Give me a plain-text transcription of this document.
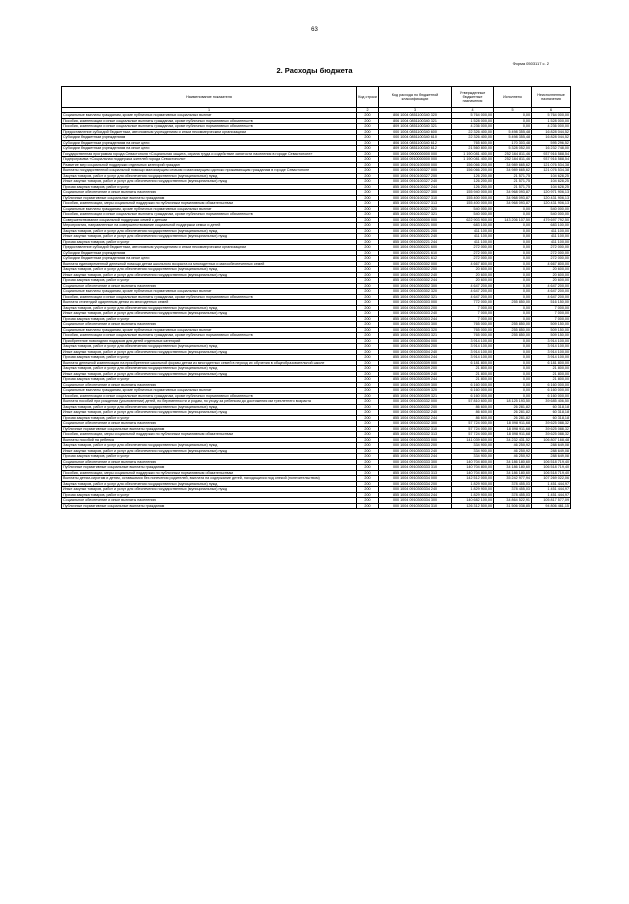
63
Форма 0503117 с. 2
2. Расходы бюджета
Наименование показателя	Код строки	Код расхода по бюджетной классификации	Утвержденные бюджетные назначения	Исполнено	Неисполненные назначения
1	2	3	4	5	6
Социальные выплаты гражданам, кроме публичных нормативных социальных выплат	200	806 1004 0851100340 320	5 764 000,00	0,00	5 764 000,00
Пособия, компенсации и иные социальные выплаты гражданам, кроме публичных нормативных обязательств	200	806 1004 0851100340 321	1 528 000,00	0,00	1 528 000,00
Пособия, компенсации и иные социальные выплаты гражданам, кроме публичных нормативных обязательств	200	809 1004 0851100340 321	4 236 000,00	0,00	4 236 000,00
Предоставление субсидий бюджетным, автономным учреждениям и иным некоммерческим организациям	200	000 1004 0851100340 600	22 326 400,00	5 498 355,48	16 828 044,52
Субсидии бюджетным учреждениям	200	000 1004 0851100340 610	22 326 400,00	5 498 355,48	16 828 044,52
Субсидии бюджетным учреждениям на иные цели	200	806 1004 0851100340 612	765 600,00	170 303,48	595 296,52
Субсидии бюджетным учреждениям на иные цели	200	809 1004 0851100340 612	21 560 800,00	5 328 052,00	16 232 748,00
Государственная программа города Севастополя «Социальная защита, охрана труда и содействие занятости населения в городе Севастополе»	200	000 1004 0900000000 000	1 190 081 400,00	252 164 811,46	937 916 588,54
Подпрограмма «Социальная поддержка жителей города Севастополя»	200	000 1004 0910000000 000	1 190 081 400,00	252 164 811,46	937 916 588,54
Развитие мер социальной поддержки отдельных категорий граждан	200	000 1004 0910100000 000	156 066 200,00	34 989 665,62	121 076 534,38
Выплаты государственной социальной помощи малоимущим семьям и малоимущим одиноко проживающим гражданам в городе Севастополе	200	000 1004 0910100327 000	156 066 200,00	34 989 665,62	121 076 534,38
Закупка товаров, работ и услуг для обеспечения государственных (муниципальных) нужд	200	000 1004 0910100327 200	126 200,00	21 571,75	104 628,25
Иные закупки товаров, работ и услуг для обеспечения государственных (муниципальных) нужд	200	000 1004 0910100327 240	126 200,00	21 571,75	104 628,25
Прочая закупка товаров, работ и услуг	200	855 1004 0910100327 244	126 200,00	21 571,75	104 628,25
Социальное обеспечение и иные выплаты населению	200	000 1004 0910100327 300	155 940 000,00	34 968 093,87	120 971 906,13
Публичные нормативные социальные выплаты гражданам	200	000 1004 0910100327 310	155 400 000,00	34 968 093,87	120 431 906,13
Пособия, компенсации, меры социальной поддержки по публичным нормативным обязательствам	200	855 1004 0910100327 313	155 400 000,00	34 968 093,87	120 431 906,13
Социальные выплаты гражданам, кроме публичных нормативных социальных выплат	200	000 1004 0910100327 320	540 000,00	0,00	540 000,00
Пособия, компенсации и иные социальные выплаты гражданам, кроме публичных нормативных обязательств	200	855 1004 0910100327 321	540 000,00	0,00	540 000,00
Совершенствование социальной поддержки семей с детьми	200	000 1004 0910300000 000	622 903 900,00	143 206 107,50	479 697 792,50
Мероприятия, направленные на совершенствование социальной поддержки семьи и детей	200	000 1004 0910300221 000	683 100,00	0,00	683 100,00
Закупка товаров, работ и услуг для обеспечения государственных (муниципальных) нужд	200	000 1004 0910300221 200	411 100,00	0,00	411 100,00
Иные закупки товаров, работ и услуг для обеспечения государственных (муниципальных) нужд	200	000 1004 0910300221 240	411 100,00	0,00	411 100,00
Прочая закупка товаров, работ и услуг	200	855 1004 0910300221 244	411 100,00	0,00	411 100,00
Предоставление субсидий бюджетным, автономным учреждениям и иным некоммерческим организациям	200	000 1004 0910300221 600	272 000,00	0,00	272 000,00
Субсидии бюджетным учреждениям	200	000 1004 0910300221 610	272 000,00	0,00	272 000,00
Субсидии бюджетным учреждениям на иные цели	200	806 1004 0910300221 612	272 000,00	0,00	272 000,00
Выплата единовременной денежной помощи детям школьного возраста из многодетных и малообеспеченных семей	200	000 1004 0910300302 000	4 667 800,00	0,00	4 667 800,00
Закупка товаров, работ и услуг для обеспечения государственных (муниципальных) нужд	200	000 1004 0910300302 200	20 600,00	0,00	20 600,00
Иные закупки товаров, работ и услуг для обеспечения государственных (муниципальных) нужд	200	000 1004 0910300302 240	20 600,00	0,00	20 600,00
Прочая закупка товаров, работ и услуг	200	855 1004 0910300302 244	20 600,00	0,00	20 600,00
Социальное обеспечение и иные выплаты населению	200	000 1004 0910300302 300	4 647 200,00	0,00	4 647 200,00
Социальные выплаты гражданам, кроме публичных нормативных социальных выплат	200	000 1004 0910300302 320	4 647 200,00	0,00	4 647 200,00
Пособия, компенсации и иные социальные выплаты гражданам, кроме публичных нормативных обязательств	200	855 1004 0910300302 321	4 647 200,00	0,00	4 647 200,00
Выплата стипендий одаренным детям из многодетных семей	200	000 1004 0910300303 000	772 000,00	255 850,00	516 150,00
Закупка товаров, работ и услуг для обеспечения государственных (муниципальных) нужд	200	000 1004 0910300303 200	7 000,00	0,00	7 000,00
Иные закупки товаров, работ и услуг для обеспечения государственных (муниципальных) нужд	200	000 1004 0910300303 240	7 000,00	0,00	7 000,00
Прочая закупка товаров, работ и услуг	200	855 1004 0910300303 244	7 000,00	0,00	7 000,00
Социальное обеспечение и иные выплаты населению	200	000 1004 0910300303 300	765 000,00	255 850,00	509 150,00
Социальные выплаты гражданам, кроме публичных нормативных социальных выплат	200	000 1004 0910300303 320	765 000,00	255 850,00	509 150,00
Пособия, компенсации и иные социальные выплаты гражданам, кроме публичных нормативных обязательств	200	855 1004 0910300303 321	765 000,00	255 850,00	509 150,00
Приобретение новогодних подарков для детей отдельных категорий	200	000 1004 0910300304 000	3 914 100,00	0,00	3 914 100,00
Закупка товаров, работ и услуг для обеспечения государственных (муниципальных) нужд	200	000 1004 0910300304 200	3 914 100,00	0,00	3 914 100,00
Иные закупки товаров, работ и услуг для обеспечения государственных (муниципальных) нужд	200	000 1004 0910300304 240	3 914 100,00	0,00	3 914 100,00
Прочая закупка товаров, работ и услуг	200	855 1004 0910300304 244	3 914 100,00	0,00	3 914 100,00
Выплата денежной компенсации на приобретение школьной формы детям из многодетных семей в период их обучения в общеобразовательной школе	200	000 1004 0910300309 000	6 181 800,00	0,00	6 181 800,00
Закупка товаров, работ и услуг для обеспечения государственных (муниципальных) нужд	200	000 1004 0910300309 200	21 800,00	0,00	21 800,00
Иные закупки товаров, работ и услуг для обеспечения государственных (муниципальных) нужд	200	000 1004 0910300309 240	21 800,00	0,00	21 800,00
Прочая закупка товаров, работ и услуг	200	855 1004 0910300309 244	21 800,00	0,00	21 800,00
Социальное обеспечение и иные выплаты населению	200	000 1004 0910300309 300	6 160 000,00	0,00	6 160 000,00
Социальные выплаты гражданам, кроме публичных нормативных социальных выплат	200	000 1004 0910300309 320	6 160 000,00	0,00	6 160 000,00
Пособия, компенсации и иные социальные выплаты гражданам, кроме публичных нормативных обязательств	200	855 1004 0910300309 321	6 160 000,00	0,00	6 160 000,00
Выплата пособий при рождении (усыновлении) детей, по беременности и родам, по уходу за ребенком до достижения им трехлетнего возраста	200	000 1004 0910300332 000	57 810 600,00	18 125 193,50	39 685 406,50
Закупка товаров, работ и услуг для обеспечения государственных (муниципальных) нужд	200	000 1004 0910300332 200	86 600,00	26 281,82	60 318,18
Иные закупки товаров, работ и услуг для обеспечения государственных (муниципальных) нужд	200	000 1004 0910300332 240	86 600,00	26 281,82	60 318,18
Прочая закупка товаров, работ и услуг	200	855 1004 0910300332 244	86 600,00	26 281,82	60 318,18
Социальное обеспечение и иные выплаты населению	200	000 1004 0910300332 300	57 724 000,00	18 098 911,68	39 625 088,32
Публичные нормативные социальные выплаты гражданам	200	000 1004 0910300332 310	57 724 000,00	18 098 911,68	39 625 088,32
Пособия, компенсации, меры социальной поддержки по публичным нормативным обязательствам	200	855 1004 0910300332 313	57 724 000,00	18 098 911,68	39 625 088,32
Выплаты пособий на ребенка	200	000 1004 0910300333 000	141 039 600,00	34 232 431,52	106 807 168,48
Закупка товаров, работ и услуг для обеспечения государственных (муниципальных) нужд	200	000 1004 0910300333 200	334 900,00	46 250,92	288 649,08
Иные закупки товаров, работ и услуг для обеспечения государственных (муниципальных) нужд	200	000 1004 0910300333 240	334 900,00	46 250,92	288 649,08
Прочая закупка товаров, работ и услуг	200	855 1004 0910300333 244	334 900,00	46 250,92	288 649,08
Социальное обеспечение и иные выплаты населению	200	000 1004 0910300333 300	140 704 800,00	34 186 180,60	106 518 719,40
Публичные нормативные социальные выплаты гражданам	200	000 1004 0910300333 310	140 704 800,00	34 186 180,60	106 518 719,40
Пособия, компенсации, меры социальной поддержки по публичным нормативным обязательствам	200	855 1004 0910300333 313	140 704 800,00	34 186 180,60	106 518 719,40
Выплаты детям-сиротам и детям, оставшимся без попечения родителей, выплата на содержание детей, находящихся под опекой (попечительством)	200	000 1004 0910300334 000	142 512 000,00	35 242 977,94	107 269 022,06
Закупка товаров, работ и услуг для обеспечения государственных (муниципальных) нужд	200	000 1004 0910300334 200	1 829 900,00	378 455,03	1 451 444,97
Иные закупки товаров, работ и услуг для обеспечения государственных (муниципальных) нужд	200	000 1004 0910300334 240	1 829 900,00	378 455,03	1 451 444,97
Прочая закупка товаров, работ и услуг	200	855 1004 0910300334 244	1 829 900,00	378 455,03	1 451 444,97
Социальное обеспечение и иные выплаты населению	200	000 1004 0910300334 300	140 682 100,00	34 864 522,91	105 817 577,09
Публичные нормативные социальные выплаты гражданам	200	000 1004 0910300334 310	126 312 500,00	31 506 038,85	94 806 461,15
